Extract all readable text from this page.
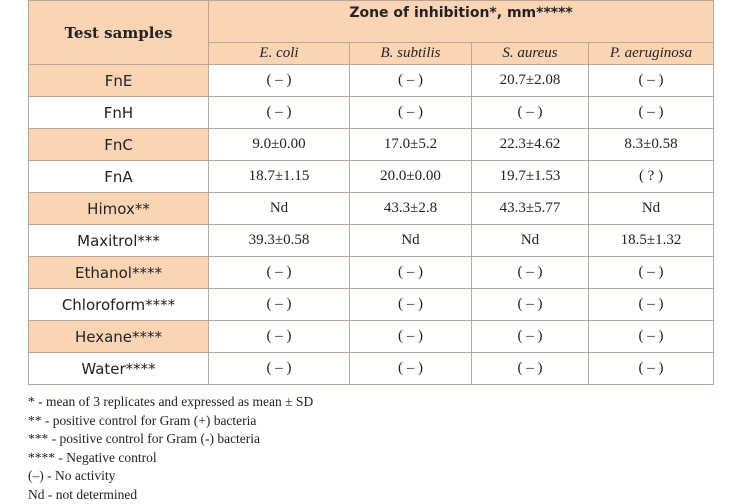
Test samples	Zone of inhibition*, mm*****			
	E. coli	B. subtilis	S. aureus	P. aeruginosa
FnE	( – )	( – )	20.7±2.08	( – )
FnH	( – )	( – )	( – )	( – )
FnC	9.0±0.00	17.0±5.2	22.3±4.62	8.3±0.58
FnA	18.7±1.15	20.0±0.00	19.7±1.53	( ? )
Himox**	Nd	43.3±2.8	43.3±5.77	Nd
Maxitrol***	39.3±0.58	Nd	Nd	18.5±1.32
Ethanol****	( – )	( – )	( – )	( – )
Chloroform****	( – )	( – )	( – )	( – )
Hexane****	( – )	( – )	( – )	( – )
Water****	( – )	( – )	( – )	( – )
* - mean of 3 replicates and expressed as mean ± SD
** - positive control for Gram (+) bacteria
*** - positive control for Gram (-) bacteria
**** - Negative control
(–) - No activity
Nd - not determined
